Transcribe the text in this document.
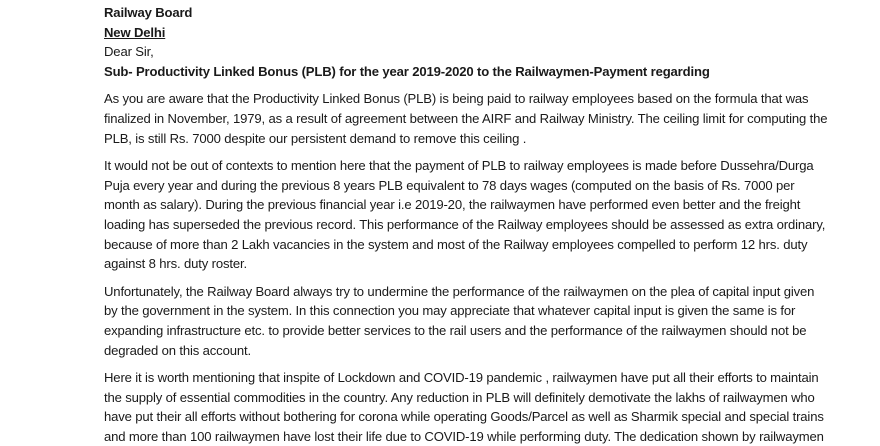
Railway Board
New Delhi
Dear Sir,
Sub- Productivity Linked Bonus (PLB) for the year 2019-2020 to the Railwaymen-Payment regarding
As you are aware that the Productivity Linked Bonus (PLB) is being paid to railway employees based on the formula that was
finalized in November, 1979, as a result of agreement between the AIRF and Railway Ministry. The ceiling limit for computing the
PLB, is still Rs. 7000 despite our persistent demand to remove this ceiling .
It would not be out of contexts to mention here that the payment of PLB to railway employees is made before Dussehra/Durga
Puja every year and during the previous 8 years PLB equivalent to 78 days wages (computed on the basis of Rs. 7000 per
month as salary). During the previous financial year i.e 2019-20, the railwaymen have performed even better and the freight
loading has superseded the previous record. This performance of the Railway employees should be assessed as extra ordinary,
because of more than 2 Lakh vacancies in the system and most of the Railway employees compelled to perform 12 hrs. duty
against 8 hrs. duty roster.
Unfortunately, the Railway Board always try to undermine the performance of the railwaymen on the plea of capital input given
by the government in the system. In this connection you may appreciate that whatever capital input is given the same is for
expanding infrastructure etc. to provide better services to the rail users and the performance of the railwaymen should not be
degraded on this account.
Here it is worth mentioning that inspite of Lockdown and COVID-19 pandemic , railwaymen have put all their efforts to maintain
the supply of essential commodities in the country. Any reduction in PLB will definitely demotivate the lakhs of railwaymen who
have put their all efforts without bothering for corona while operating Goods/Parcel as well as Sharmik special and special trains
and more than 100 railwaymen have lost their life due to COVID-19 while performing duty. The dedication shown by railwaymen
